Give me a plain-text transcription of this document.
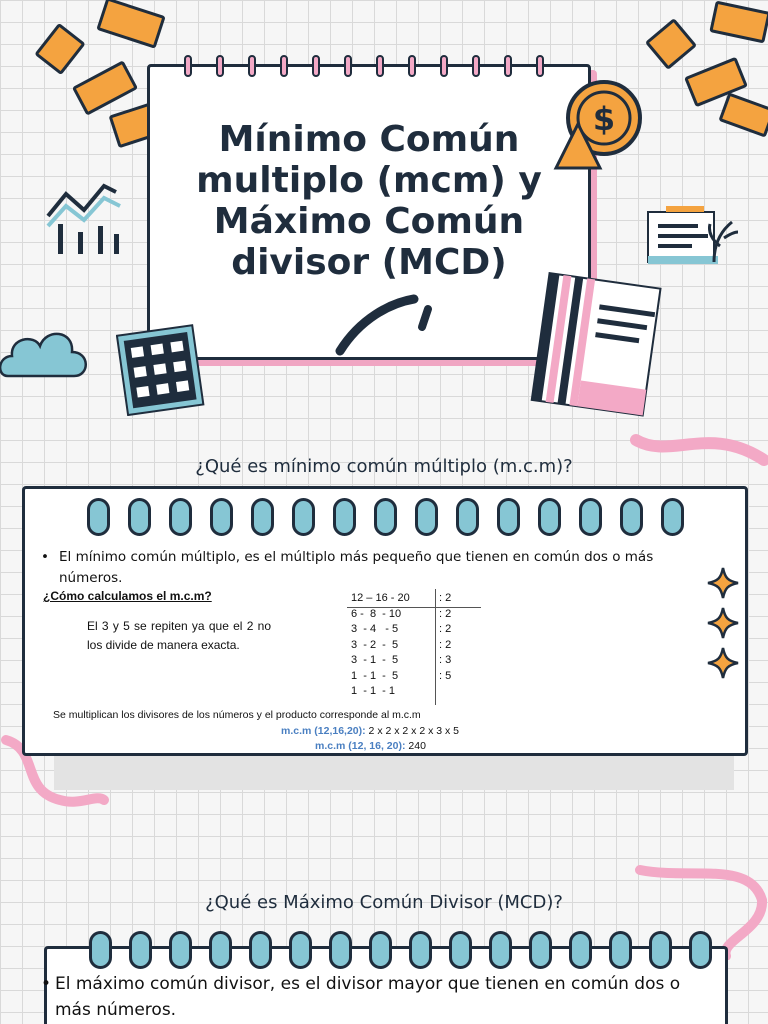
Mínimo Común multiplo (mcm) y Máximo Común divisor (MCD)
$
¿Qué es mínimo común múltiplo (m.c.m)?
• El mínimo común múltiplo, es el múltiplo más pequeño que tienen en común dos o más números.
¿Cómo calculamos el m.c.m?
El 3 y 5 se repiten ya que el 2 no los divide de manera exacta.
12 – 16 - 20
6 -  8  - 10
3  - 4   - 5
3  - 2  -  5
3  - 1  -  5
1  - 1  -  5
1  - 1  - 1
: 2
: 2
: 2
: 2
: 3
: 5
Se multiplican los divisores de los números y el producto corresponde al m.c.m
m.c.m (12,16,20): 2 x 2 x 2 x 2 x 3 x 5
m.c.m (12, 16, 20): 240
¿Qué es Máximo Común Divisor (MCD)?
• El máximo común divisor, es el divisor mayor que tienen en común dos o más números.
